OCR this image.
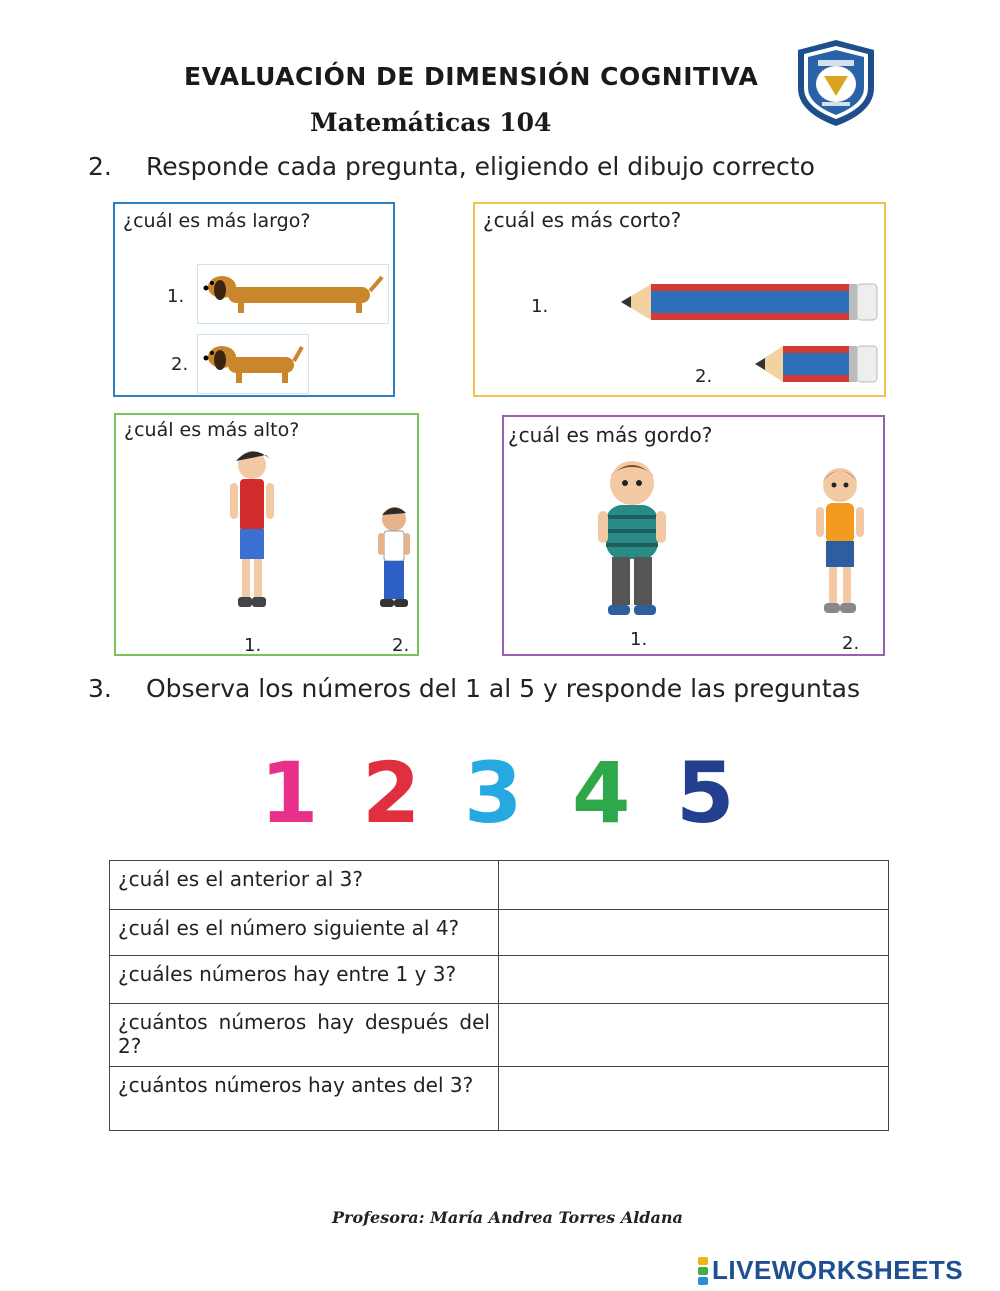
EVALUACIÓN DE DIMENSIÓN COGNITIVA
Matemáticas 104
2. Responde cada pregunta, eligiendo el dibujo correcto
¿cuál es más largo?
1.
2.
¿cuál es más corto?
1.
2.
¿cuál es más alto?
1.	2.
¿cuál es más gordo?
1.	2.
3. Observa los números del 1 al 5 y responde las preguntas
1 2 3 4 5
¿cuál es el anterior al 3?	
¿cuál es el número siguiente al 4?	
¿cuáles números hay entre 1 y 3?	
¿cuántos números hay después del 2?	
¿cuántos números hay antes del 3?	
Profesora: María Andrea Torres Aldana
LIVEWORKSHEETS
